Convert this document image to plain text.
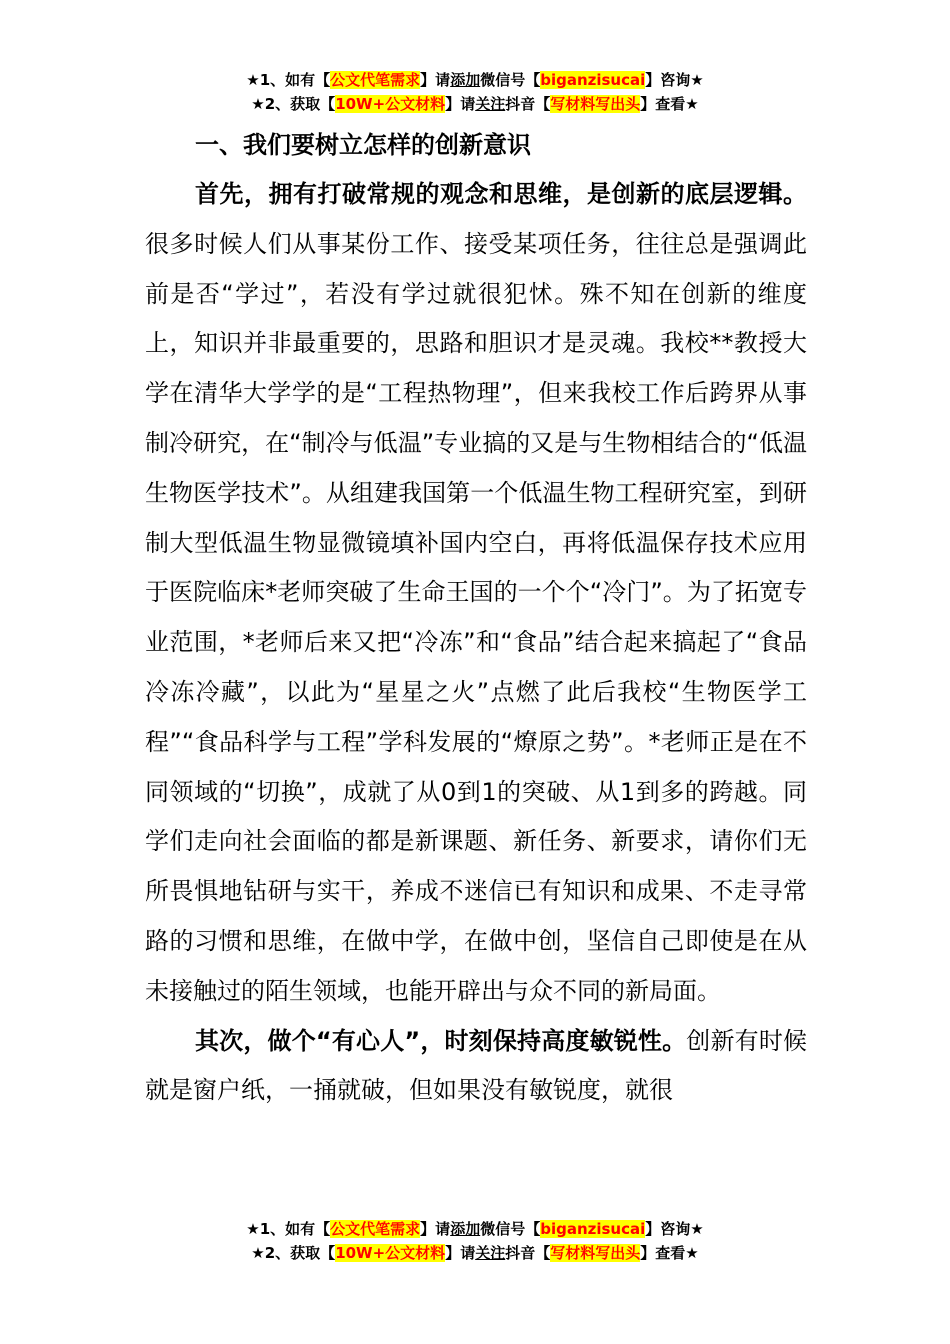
★1、如有【公文代笔需求】请添加微信号【biganzisucai】咨询★
★2、获取【10W+公文材料】请关注抖音【写材料写出头】查看★

一、我们要树立怎样的创新意识

首先，拥有打破常规的观念和思维，是创新的底层逻辑。很多时候人们从事某份工作、接受某项任务，往往总是强调此前是否“学过”，若没有学过就很犯怵。殊不知在创新的维度上，知识并非最重要的，思路和胆识才是灵魂。我校**教授大学在清华大学学的是“工程热物理”，但来我校工作后跨界从事制冷研究，在“制冷与低温”专业搞的又是与生物相结合的“低温生物医学技术”。从组建我国第一个低温生物工程研究室，到研制大型低温生物显微镜填补国内空白，再将低温保存技术应用于医院临床*老师突破了生命王国的一个个“冷门”。为了拓宽专业范围，*老师后来又把“冷冻”和“食品”结合起来搞起了“食品冷冻冷藏”，以此为“星星之火”点燃了此后我校“生物医学工程”“食品科学与工程”学科发展的“燎原之势”。*老师正是在不同领域的“切换”，成就了从0到1的突破、从1到多的跨越。同学们走向社会面临的都是新课题、新任务、新要求，请你们无所畏惧地钻研与实干，养成不迷信已有知识和成果、不走寻常路的习惯和思维，在做中学，在做中创，坚信自己即使是在从未接触过的陌生领域，也能开辟出与众不同的新局面。

其次，做个“有心人”，时刻保持高度敏锐性。创新有时候就是窗户纸，一捅就破，但如果没有敏锐度，就很

★1、如有【公文代笔需求】请添加微信号【biganzisucai】咨询★
★2、获取【10W+公文材料】请关注抖音【写材料写出头】查看★
